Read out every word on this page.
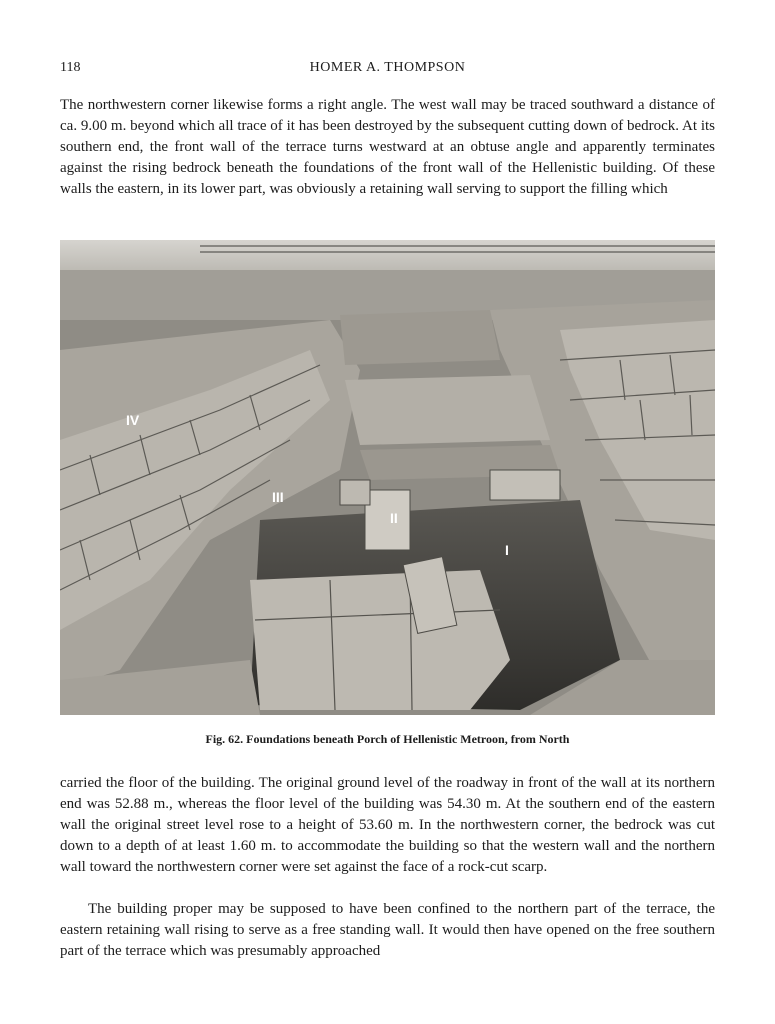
118	HOMER A. THOMPSON

The northwestern corner likewise forms a right angle. The west wall may be traced southward a distance of ca. 9.00 m. beyond which all trace of it has been destroyed by the subsequent cutting down of bedrock. At its southern end, the front wall of the terrace turns westward at an obtuse angle and apparently terminates against the rising bedrock beneath the foundations of the front wall of the Hellenistic building. Of these walls the eastern, in its lower part, was obviously a retaining wall serving to support the filling which

IV
III
II
I
Fig. 62. Foundations beneath Porch of Hellenistic Metroon, from North

carried the floor of the building. The original ground level of the roadway in front of the wall at its northern end was 52.88 m., whereas the floor level of the building was 54.30 m. At the southern end of the eastern wall the original street level rose to a height of 53.60 m. In the northwestern corner, the bedrock was cut down to a depth of at least 1.60 m. to accommodate the building so that the western wall and the northern wall toward the northwestern corner were set against the face of a rock-cut scarp.

The building proper may be supposed to have been confined to the northern part of the terrace, the eastern retaining wall rising to serve as a free standing wall. It would then have opened on the free southern part of the terrace which was presumably approached
